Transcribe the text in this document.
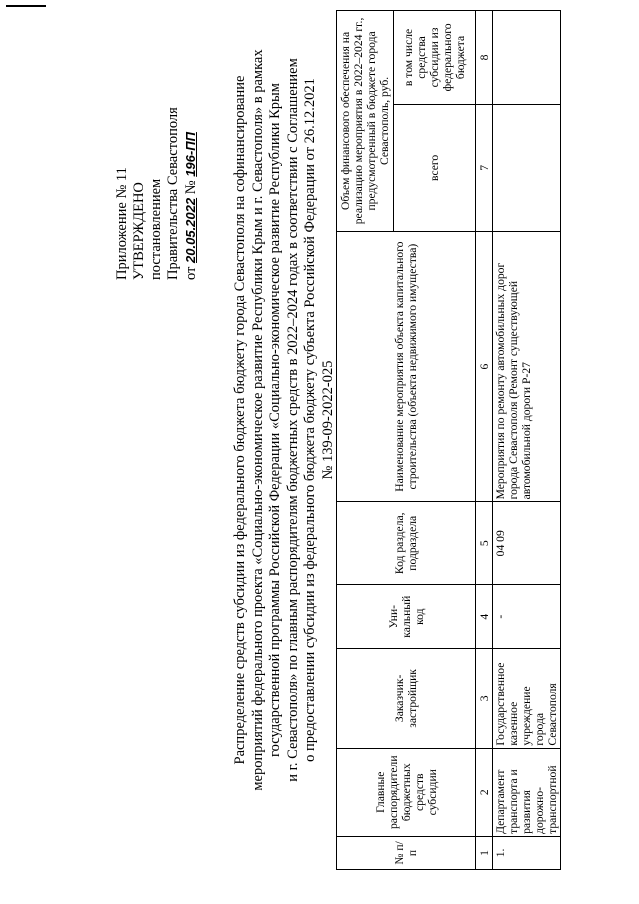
Приложение № 11 УТВЕРЖДЕНО постановлением Правительства Севастополя от 20.05.2022 № 196-ПП Распределение средств субсидии из федерального бюджета бюджету города Севастополя на софинансирование мероприятий федерального проекта «Социально-экономическое развитие Республики Крым и г. Севастополя» в рамках государственной программы Российской Федерации «Социально-экономическое развитие Республики Крым и г. Севастополя» по главным распорядителям бюджетных средств в 2022–2024 годах в соответствии с Соглашением о предоставлении субсидии из федерального бюджета бюджету субъекта Российской Федерации от 26.12.2021 № 139-09-2022-025
№ п/п	Главные распорядители бюджетных средств субсидии	Заказчик-застройщик	Уни-кальный код	Код раздела, подраздела	Наименование мероприятия объекта капитального строительства (объекта недвижимого имущества)	Объем финансового обеспечения на реализацию мероприятия в 2022–2024 гг., предусмотренный в бюджете города Севастополь, руб.	
						всего	в том числе средства субсидии из федерального бюджета
1	2	3	4	5	6	7	8
1.	Департамент транспорта и развития дорожно-транспортной	Государственное казенное учреждение города Севастополя	-	04 09	Мероприятия по ремонту автомобильных дорог города Севастополя (Ремонт существующей автомобильной дороги Р-27		
